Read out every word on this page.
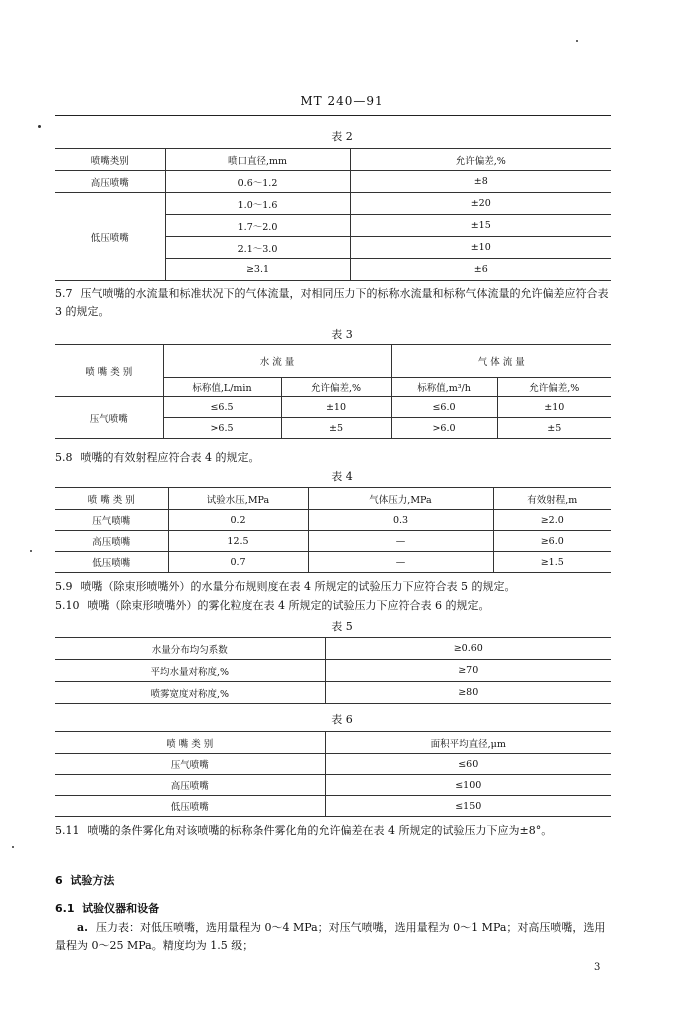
MT 240—91
表 2
喷嘴类别	喷口直径,mm	允许偏差,%
高压喷嘴	0.6～1.2	±8
低压喷嘴	1.0～1.6	±20
	1.7～2.0	±15
	2.1～3.0	±10
	≥3.1	±6
5.7 压气喷嘴的水流量和标准状况下的气体流量，对相同压力下的标称水流量和标称气体流量的允许偏差应符合表 3 的规定。
表 3
喷 嘴 类 别	水 流 量		气 体 流 量	
	标称值,L/min	允许偏差,%	标称值,m³/h	允许偏差,%
压气喷嘴	≤6.5	±10	≤6.0	±10
	>6.5	±5	>6.0	±5
5.8 喷嘴的有效射程应符合表 4 的规定。
表 4
喷 嘴 类 别	试验水压,MPa	气体压力,MPa	有效射程,m
压气喷嘴	0.2	0.3	≥2.0
高压喷嘴	12.5	—	≥6.0
低压喷嘴	0.7	—	≥1.5
5.9 喷嘴（除束形喷嘴外）的水量分布规则度在表 4 所规定的试验压力下应符合表 5 的规定。
5.10 喷嘴（除束形喷嘴外）的雾化粒度在表 4 所规定的试验压力下应符合表 6 的规定。
表 5
水量分布均匀系数	≥0.60
平均水量对称度,%	≥70
喷雾宽度对称度,%	≥80
表 6
喷 嘴 类 别	面积平均直径,μm
压气喷嘴	≤60
高压喷嘴	≤100
低压喷嘴	≤150
5.11 喷嘴的条件雾化角对该喷嘴的标称条件雾化角的允许偏差在表 4 所规定的试验压力下应为±8°。
6 试验方法
6.1 试验仪器和设备
a. 压力表：对低压喷嘴，选用量程为 0～4 MPa；对压气喷嘴，选用量程为 0～1 MPa；对高压喷嘴，选用量程为 0～25 MPa。精度均为 1.5 级；
3
